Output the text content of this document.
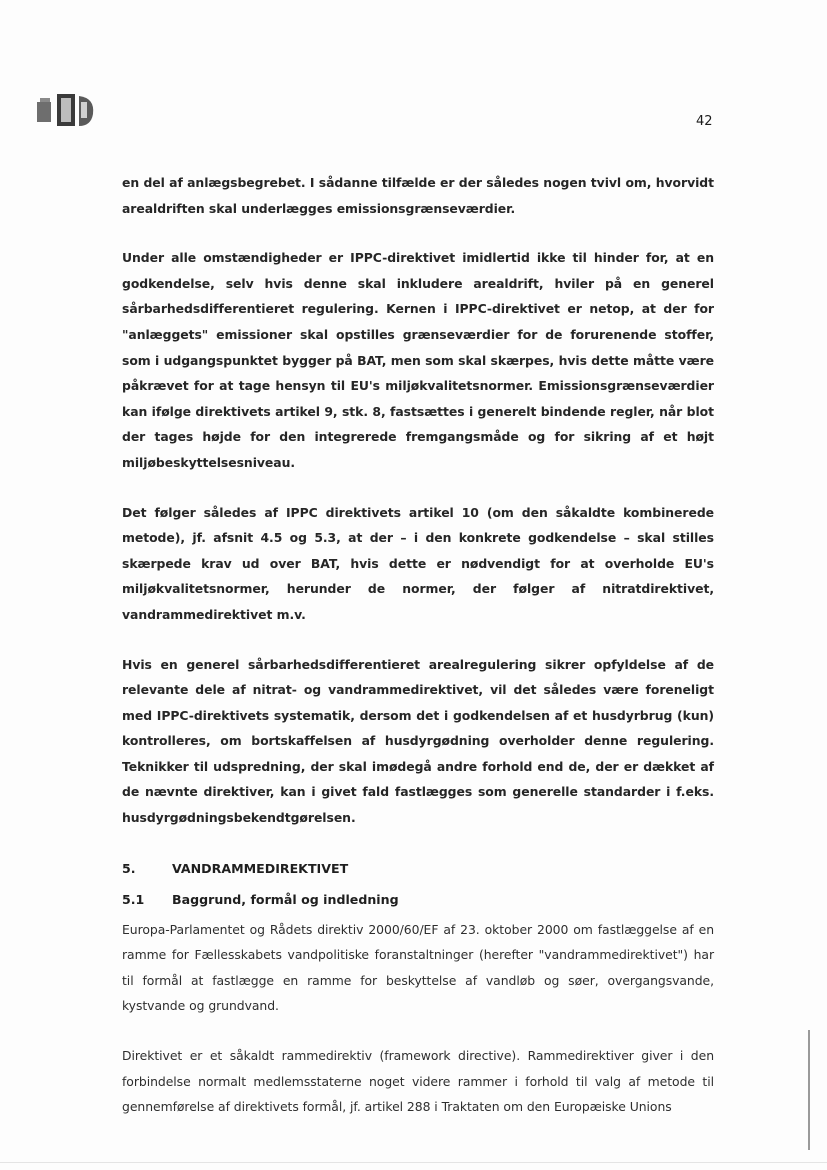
42

en del af anlægsbegrebet. I sådanne tilfælde er der således nogen tvivl om, hvorvidt arealdriften skal underlægges emissionsgrænseværdier.

Under alle omstændigheder er IPPC-direktivet imidlertid ikke til hinder for, at en godkendelse, selv hvis denne skal inkludere arealdrift, hviler på en generel sårbarhedsdifferentieret regulering. Kernen i IPPC-direktivet er netop, at der for "anlæggets" emissioner skal opstilles grænseværdier for de forurenende stoffer, som i udgangspunktet bygger på BAT, men som skal skærpes, hvis dette måtte være påkrævet for at tage hensyn til EU's miljøkvalitetsnormer. Emissionsgrænseværdier kan ifølge direktivets artikel 9, stk. 8, fastsættes i generelt bindende regler, når blot der tages højde for den integrerede fremgangsmåde og for sikring af et højt miljøbeskyttelsesniveau.

Det følger således af IPPC direktivets artikel 10 (om den såkaldte kombinerede metode), jf. afsnit 4.5 og 5.3, at der – i den konkrete godkendelse – skal stilles skærpede krav ud over BAT, hvis dette er nødvendigt for at overholde EU's miljøkvalitetsnormer, herunder de normer, der følger af nitratdirektivet, vandrammedirektivet m.v.

Hvis en generel sårbarhedsdifferentieret arealregulering sikrer opfyldelse af de relevante dele af nitrat- og vandrammedirektivet, vil det således være foreneligt med IPPC-direktivets systematik, dersom det i godkendelsen af et husdyrbrug (kun) kontrolleres, om bortskaffelsen af husdyrgødning overholder denne regulering. Teknikker til udspredning, der skal imødegå andre forhold end de, der er dækket af de nævnte direktiver, kan i givet fald fastlægges som generelle standarder i f.eks. husdyrgødningsbekendtgørelsen.

5.	VANDRAMMEDIREKTIVET
5.1	Baggrund, formål og indledning

Europa-Parlamentet og Rådets direktiv 2000/60/EF af 23. oktober 2000 om fastlæggelse af en ramme for Fællesskabets vandpolitiske foranstaltninger (herefter "vandrammedirektivet") har til formål at fastlægge en ramme for beskyttelse af vandløb og søer, overgangsvande, kystvande og grundvand.

Direktivet er et såkaldt rammedirektiv (framework directive). Rammedirektiver giver i den forbindelse normalt medlemsstaterne noget videre rammer i forhold til valg af metode til gennemførelse af direktivets formål, jf. artikel 288 i Traktaten om den Europæiske Unions
